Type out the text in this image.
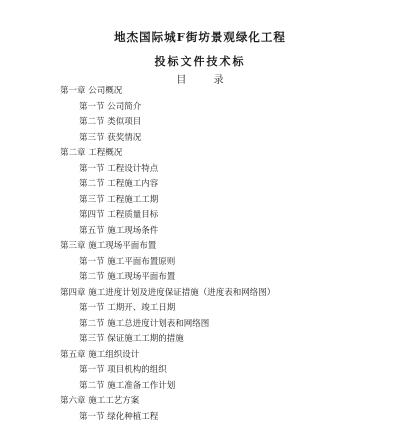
地杰国际城F街坊景观绿化工程
投标文件技术标
目 录
第一章 公司概况
第一节 公司简介
第二节 类似项目
第三节 获奖情况
第二章 工程概况
第一节 工程设计特点
第二节 工程施工内容
第三节 工程施工工期
第四节 工程质量目标
第五节 施工现场条件
第三章 施工现场平面布置
第一节 施工平面布置原则
第二节 施工现场平面布置
第四章 施工进度计划及进度保证措施（进度表和网络图）
第一节 工期开、竣工日期
第二节 施工总进度计划表和网络图
第三节 保证施工工期的措施
第五章 施工组织设计
第一节 项目机构的组织
第二节 施工准备工作计划
第六章 施工工艺方案
第一节 绿化种植工程
